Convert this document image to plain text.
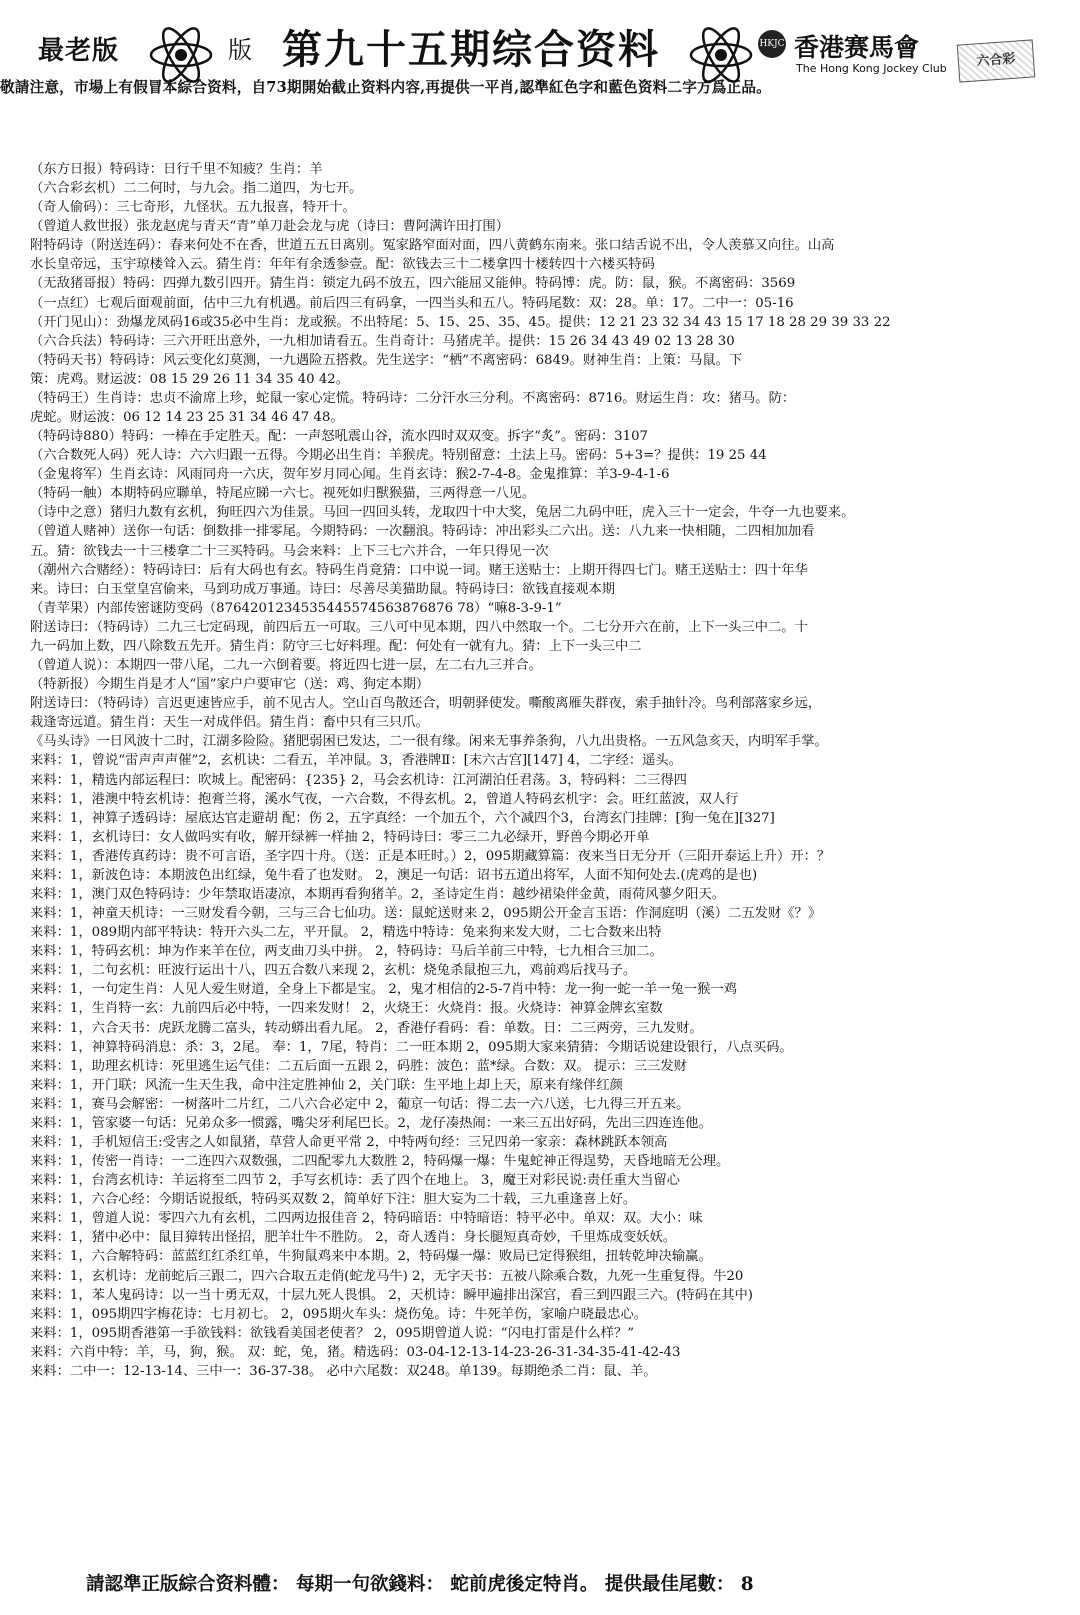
最老版	版 第九十五期综合资料	HKJC 香港赛馬會
The Hong Kong Jockey Club	六合彩
敬請注意，市場上有假冒本綜合资料，自73期開始截止资料内容,再提供一平肖,認準紅色字和藍色资料二字方爲正品。
（东方日报）特码诗：日行千里不知疲？生肖：羊
（六合彩玄机）二二何时，与九会。指二道四，为七开。
（奇人偷码）：三七奇形，九怪状。五九报喜，特开十。
（曾道人救世报）张龙赵虎与青天“青”单刀赴会龙与虎（诗曰：曹阿满许田打围）
附特码诗（附送连码）：春来何处不在香，世道五五日离别。冤家路窄面对面，四八黄鹤东南来。张口结舌说不出，令人羡慕又向往。山高
水长皇帝远，玉宇琼楼耸入云。猜生肖：年年有余透参壹。配：欲钱去三十二楼拿四十楼转四十六楼买特码
（无敌猪哥报）特码：四弹九数引四开。猜生肖：锁定九码不放五，四六能屈又能伸。特码博：虎。防：鼠，猴。不离密码：3569
（一点红）七观后面观前面，估中三九有机遇。前后四三有码拿，一四当头和五八。特码尾数：双：28。单：17。二中一：05-16
（开门见山）：劲爆龙凤码16或35必中生肖：龙或猴。不出特尾：5、15、25、35、45。提供：12 21 23 32 34 43 15 17 18 28 29 39 33 22
（六合兵法）特码诗：三六开旺出意外，一九相加请看五。生肖奇计：马猪虎羊。提供：15 26 34 43 49 02 13 28 30
（特码天书）特码诗：风云变化幻莫测，一九遇险五搭救。先生送字：“栖”不离密码：6849。财神生肖：上策：马鼠。下
策：虎鸡。财运波：08 15 29 26 11 34 35 40 42。
（特码王）生肖诗：忠贞不渝席上珍，蛇鼠一家心定慌。特码诗：二分汗水三分利。不离密码：8716。财运生肖：攻：猪马。防：
虎蛇。财运波：06 12 14 23 25 31 34 46 47 48。
（特码诗880）特码：一棒在手定胜天。配：一声怒吼震山谷，流水四时双双变。拆字“炙”。密码：3107
（六合数死人码）死人诗：六六归跟一五得。今期必出生肖：羊猴虎。特别留意：土法上马。密码：5+3=？提供：19 25 44
（金鬼将军）生肖玄诗：风雨同舟一六庆，贺年岁月同心闻。生肖玄诗：猴2-7-4-8。金鬼推算：羊3-9-4-1-6
（特码一触）本期特码应聯单，特尾应睇一六七。视死如归獸猴猫，三两得意一八见。
（诗中之意）猪归九数有玄机，狗旺四六为佳景。马回一四回头转，龙取四十中大奖，兔居二九码中旺，虎入三十一定会，牛夺一九也要来。
（曾道人赌神）送你一句话：倒数排一排零尾。今期特码：一次翻浪。特码诗：冲出彩头二六出。送：八九来一快相随，二四相加加看
五。猜：欲钱去一十三楼拿二十三买特码。马会来料：上下三七六并合，一年只得见一次
（潮州六合赌经）：特码诗曰：后有大码也有玄。特码生肖竟猜：口中说一词。赌王送贴士：上期开得四七门。赌王送贴士：四十年华
来。诗曰：白玉堂皇宫偷来，马到功成万事通。诗曰：尽善尽美猫助鼠。特码诗曰：欲钱直接观本期
（青苹果）内部传密谜防变码（8764201234535445574563876876 78）“嘛8-3-9-1”
附送诗曰：（特码诗）二九三七定码现，前四后五一可取。三八可中见本期，四八中然取一个。二七分开六在前，上下一头三中二。十
九一码加上数，四八除数五先开。猜生肖：防守三七好料理。配：何处有一就有九。猜：上下一头三中二
（曾道人说）：本期四一带八尾，二九一六倒着要。将近四七进一层，左二右九三并合。
（特新报）今期生肖是才人“国”家户户要审它（送：鸡、狗定本期）
附送诗曰：（特码诗）言迟更速皆应手，前不见古人。空山百鸟散还合，明朝驿使发。嘶酸离雁失群夜，索手抽针冷。鸟利部落家乡远，
栽逢寄远道。猜生肖：天生一对成伴侣。猜生肖：畜中只有三只爪。
《马头诗》一日风波十二时，江湖多险险。猪肥弱困已发达，二一很有缘。闲来无事养条狗，八九出贵格。一五风急亥天，内明军手掌。
来料：1，曾说“雷声声声催”2，玄机诀：二看五，羊冲鼠。3，香港牌Ⅱ：[末六古宫][147] 4，二字经：遥头。
来料：1，精选内部运程曰：吹城上。配密码：{235} 2，马会玄机诗：江河湖泊任君荡。3，特码料：二三得四
来料：1，港澳中特玄机诗：抱膏兰将，溪水气夜，一六合数，不得玄机。2，曾道人特码玄机字：会。旺红蓝波，双人行
来料：1，神算子透码诗：屋底达官走避胡 配：伤 2，五字真经：一个加五个，六个减四个3，台湾玄门挂牌：[狗一兔在][327]
来料：1，玄机诗曰：女人做吗实有收，解开绿裤一样抽 2，特码诗曰：零三二九必绿开，野兽今期必开单
来料：1，香港传真药诗：贵不可言语，圣字四十舟。（送：正是本旺时。）2，095期藏算篇：夜来当日无分开（三阳开泰运上升）开：？
来料：1，新波色诗：本期波色出红绿，兔牛看了也发财。 2，澳足一句话：诏书五道出将军，人面不知何处去.(虎鸡的是也)
来料：1，澳门双色特码诗：少年禁取语凄凉，本期再看狗猪羊。2，圣诗定生肖：越纱裙染伴金黄，雨荷风蓼夕阳天。
来料：1，神童天机诗：一三财发看今朝，三与三合七仙功。送：鼠蛇送财来 2，095期公开金言玉语：作洞庭明（溪）二五发财《？》
来料：1，089期内部平特诀：特开六头二左，平开鼠。 2，精选中特诗：兔来狗来发大财，二七合数来出特
来料：1，特码玄机：坤为作来羊在位，两支曲刀头中拼。 2，特码诗：马后羊前三中特，七九相合三加二。
来料：1，二句玄机：旺波行运出十八，四五合数八来现 2，玄机：烧兔杀鼠抱三九，鸡前鸡后找马子。
来料：1，一句定生肖：人见人爱生财道，全身上下都是宝。 2，鬼才相信的2-5-7肖中特：龙一狗一蛇一羊一兔一猴一鸡
来料：1，生肖特一玄：九前四后必中特，一四来发财！ 2，火烧王：火烧肖：报。火烧诗：神算金牌玄室数
来料：1，六合天书：虎跃龙腾二富头，转动蟒出看九尾。 2，香港仔看码：看：单数。日：二三两旁，三九发财。
来料：1，神算特码消息：杀：3，2尾。 奉：1，7尾，特肖：二一旺本期 2，095期大家来猜猜：今期话说建设银行，八点买码。
来料：1，助理玄机诗：死里逃生运气佳：二五后面一五跟 2，码胜：波色：蓝*绿。合数：双。 提示：三三发财
来料：1，开门联：风流一生天生我，命中注定胜神仙 2，关门联：生平地上却上天，原来有缘伴红颜
来料：1，赛马会解密：一树落叶二片红，二八六合必定中 2，葡京一句话：得二去一六八送，七九得三开五来。
来料：1，管家婆一句话：兄弟众多一惯露，嘴尖牙利尾巴长。2，龙仔凑热闹：一来三五出好码，先出三四连连他。
来料：1，手机短信王:受害之人如鼠猪，草营人命更平常 2，中特两句经：三兄四弟一家亲：森林跳跃本领高
来料：1，传密一肖诗：一二连四六双数强，二四配零九大数胜 2，特码爆一爆：牛鬼蛇神正得逞势，天昏地暗无公理。
来料：1，台湾玄机诗：羊运将至二四节 2，手写玄机诗：丢了四个在地上。 3，魔王对彩民说:责任重大当留心
来料：1，六合心经：今期话说报纸，特码买双数 2，简单好下注：胆大妄为二十载，三九重逢喜上好。
来料：1，曾道人说：零四六九有玄机，二四两边报佳音 2，特码暗语：中特暗语：特平必中。单双：双。大小：味
来料：1，猪中必中：鼠目獐转出怪招，肥羊壮牛不胜防。 2，奇人透肖：身长腿短真奇妙，千里炼成变妖妖。
来料：1，六合解特码：蓝蓝红红杀红单，牛狗鼠鸡来中本期。2，特码爆一爆：败局已定得猴组，扭转乾坤决输赢。
来料：1，玄机诗：龙前蛇后三跟二，四六合取五走俏(蛇龙马牛) 2，无字天书：五被八除乘合数，九死一生重复得。牛20
来料：1，苯人鬼码诗：以一当十勇无双，十层九死人畏惧。 2，天机诗：瞬甲遍排出深宫，看三到四跟三六。(特码在其中)
来料：1，095期四字梅花诗：七月初七。 2，095期火车头：烧伤兔。诗：牛死羊伤，家喻户晓最忠心。
来料：1，095期香港第一手欲钱料：欲钱看美国老使者？ 2，095期曾道人说：“闪电打雷是什么样？”
来料：六肖中特：羊，马，狗，猴。 双：蛇，兔，猪。精选码：03-04-12-13-14-23-26-31-34-35-41-42-43
来料：二中一：12-13-14、三中一：36-37-38。 必中六尾数：双248。单139。每期绝杀二肖：鼠、羊。
請認準正版綜合资料體： 每期一句欲錢料： 蛇前虎後定特肖。 提供最佳尾數： 8
